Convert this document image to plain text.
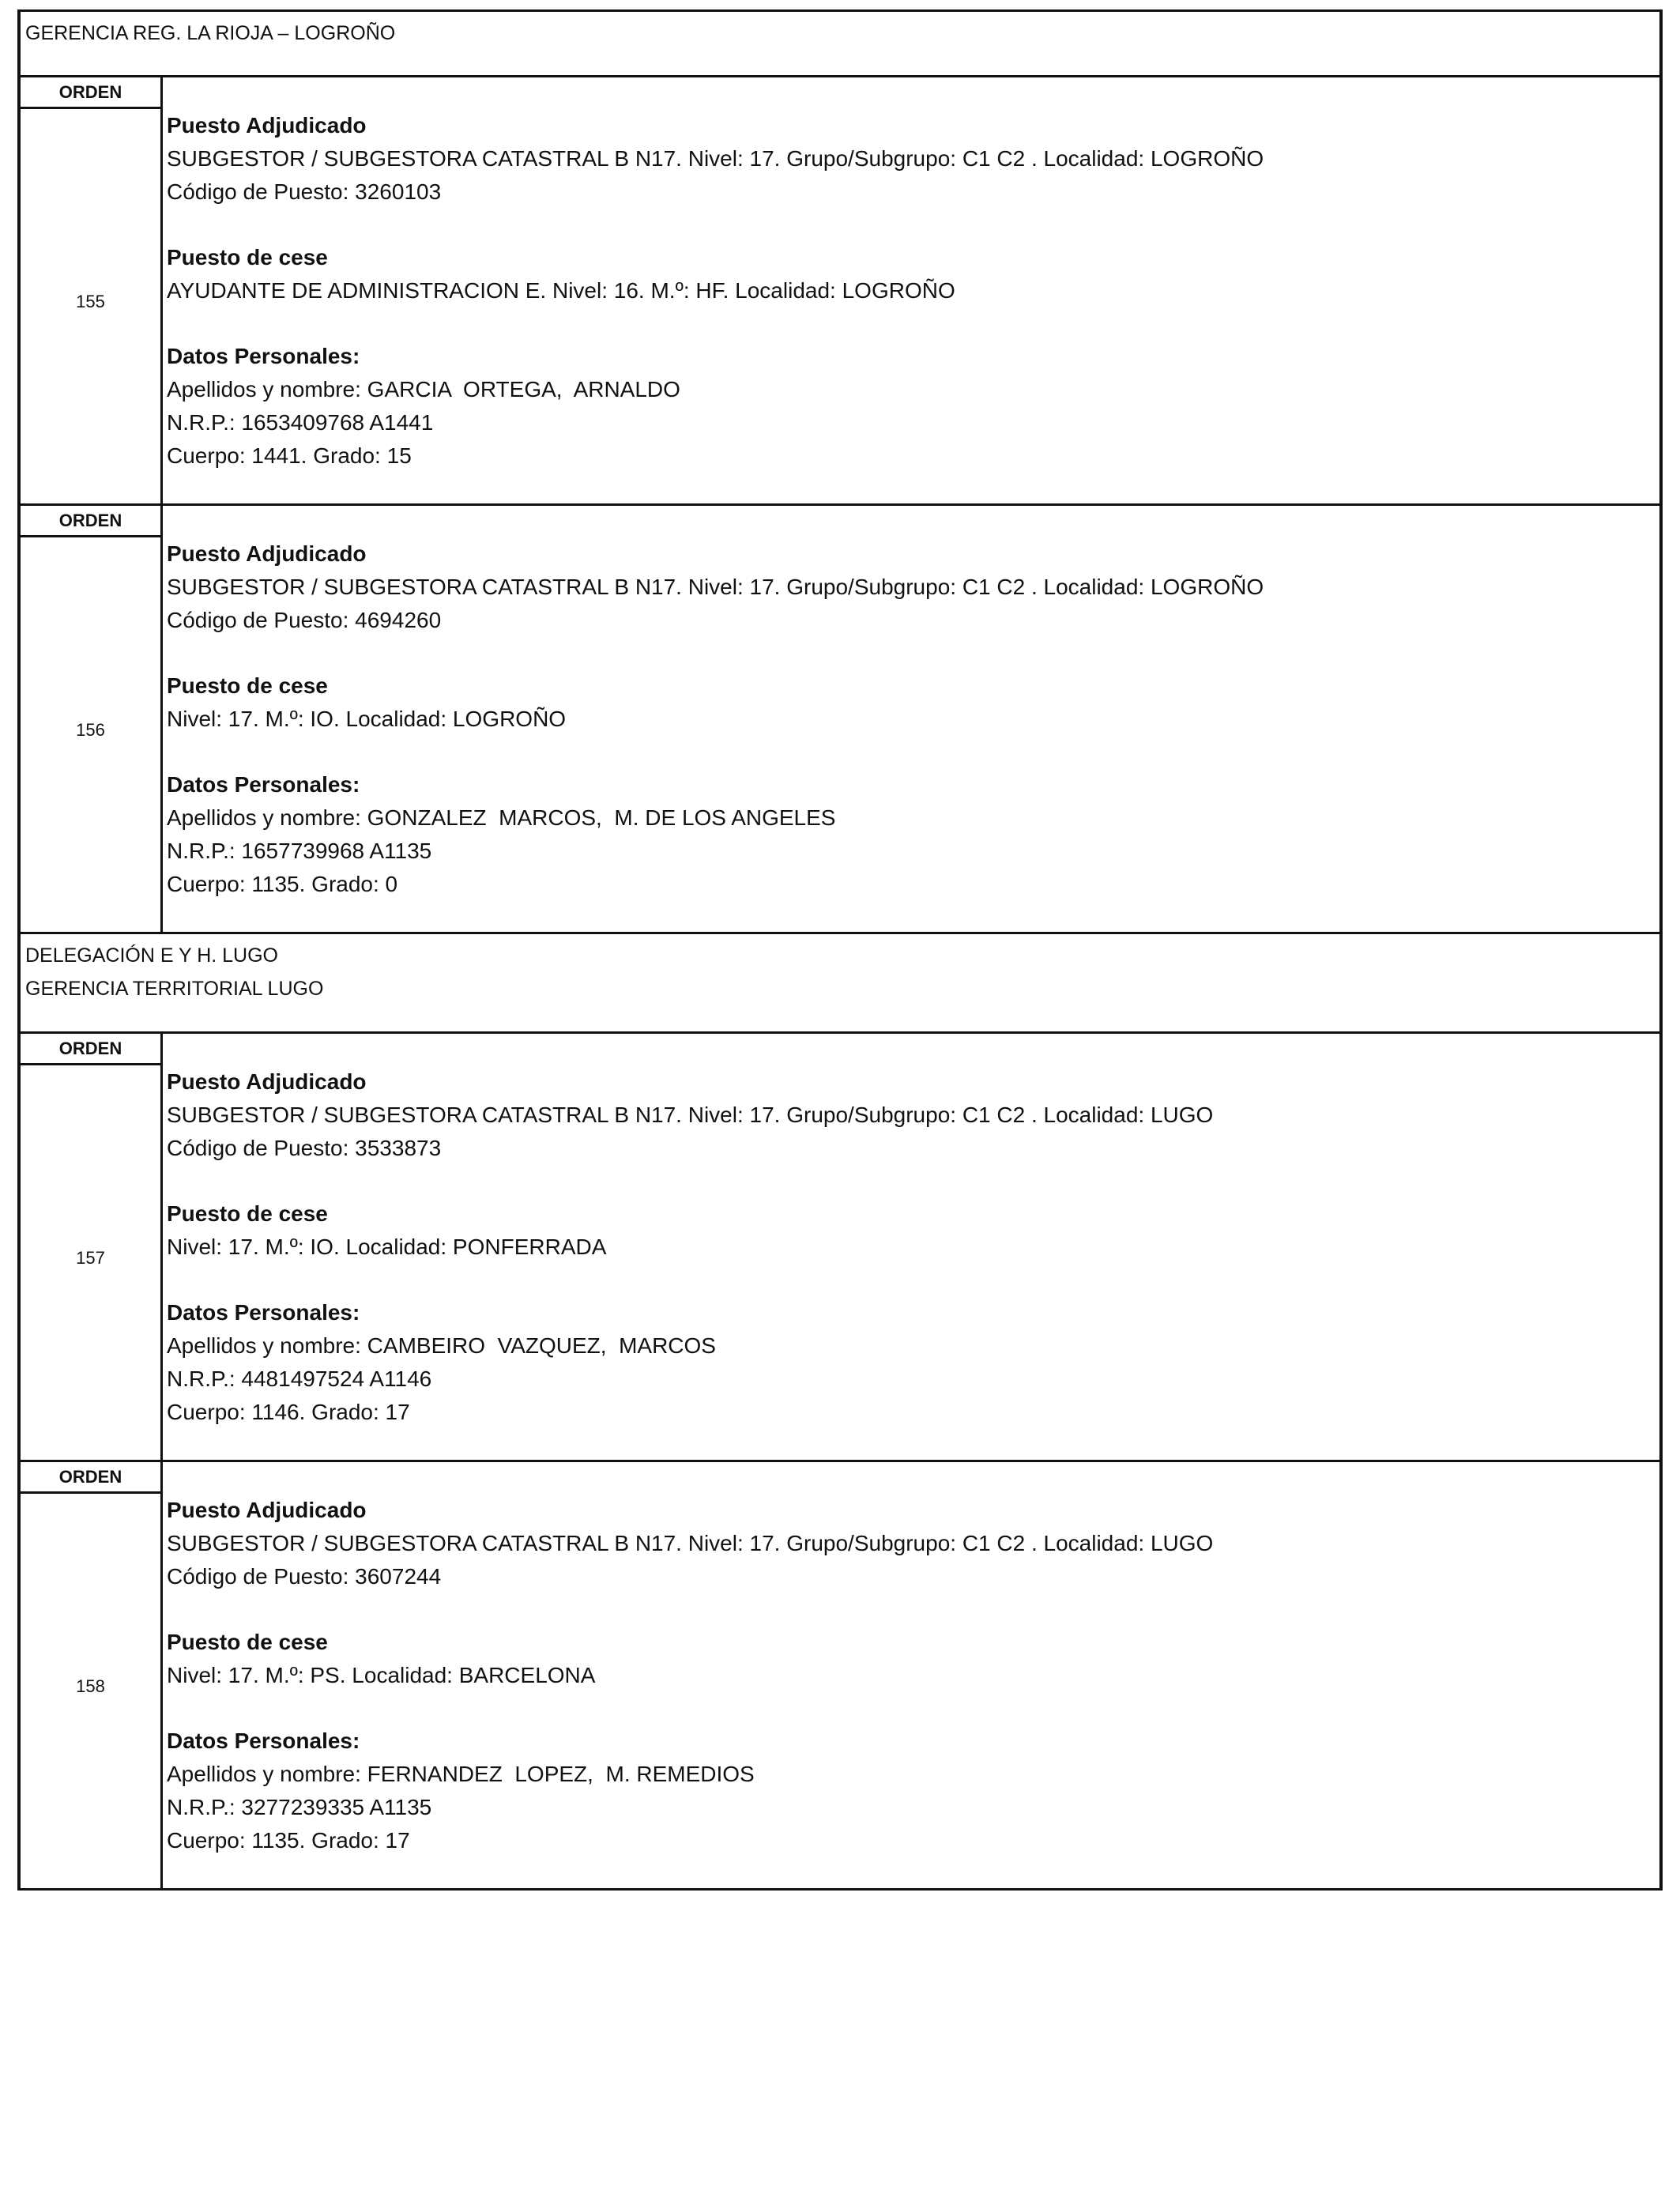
GERENCIA REG. LA RIOJA – LOGROÑO
ORDEN
155
Puesto Adjudicado
SUBGESTOR / SUBGESTORA CATASTRAL B N17. Nivel: 17. Grupo/Subgrupo: C1 C2 . Localidad: LOGROÑO
Código de Puesto: 3260103
Puesto de cese
AYUDANTE DE ADMINISTRACION E. Nivel: 16. M.º: HF. Localidad: LOGROÑO
Datos Personales:
Apellidos y nombre: GARCIA  ORTEGA,  ARNALDO
N.R.P.: 1653409768 A1441
Cuerpo: 1441. Grado: 15
ORDEN
156
Puesto Adjudicado
SUBGESTOR / SUBGESTORA CATASTRAL B N17. Nivel: 17. Grupo/Subgrupo: C1 C2 . Localidad: LOGROÑO
Código de Puesto: 4694260
Puesto de cese
Nivel: 17. M.º: IO. Localidad: LOGROÑO
Datos Personales:
Apellidos y nombre: GONZALEZ  MARCOS,  M. DE LOS ANGELES
N.R.P.: 1657739968 A1135
Cuerpo: 1135. Grado: 0
DELEGACIÓN E Y H. LUGO
GERENCIA TERRITORIAL LUGO
ORDEN
157
Puesto Adjudicado
SUBGESTOR / SUBGESTORA CATASTRAL B N17. Nivel: 17. Grupo/Subgrupo: C1 C2 . Localidad: LUGO
Código de Puesto: 3533873
Puesto de cese
Nivel: 17. M.º: IO. Localidad: PONFERRADA
Datos Personales:
Apellidos y nombre: CAMBEIRO  VAZQUEZ,  MARCOS
N.R.P.: 4481497524 A1146
Cuerpo: 1146. Grado: 17
ORDEN
158
Puesto Adjudicado
SUBGESTOR / SUBGESTORA CATASTRAL B N17. Nivel: 17. Grupo/Subgrupo: C1 C2 . Localidad: LUGO
Código de Puesto: 3607244
Puesto de cese
Nivel: 17. M.º: PS. Localidad: BARCELONA
Datos Personales:
Apellidos y nombre: FERNANDEZ  LOPEZ,  M. REMEDIOS
N.R.P.: 3277239335 A1135
Cuerpo: 1135. Grado: 17
